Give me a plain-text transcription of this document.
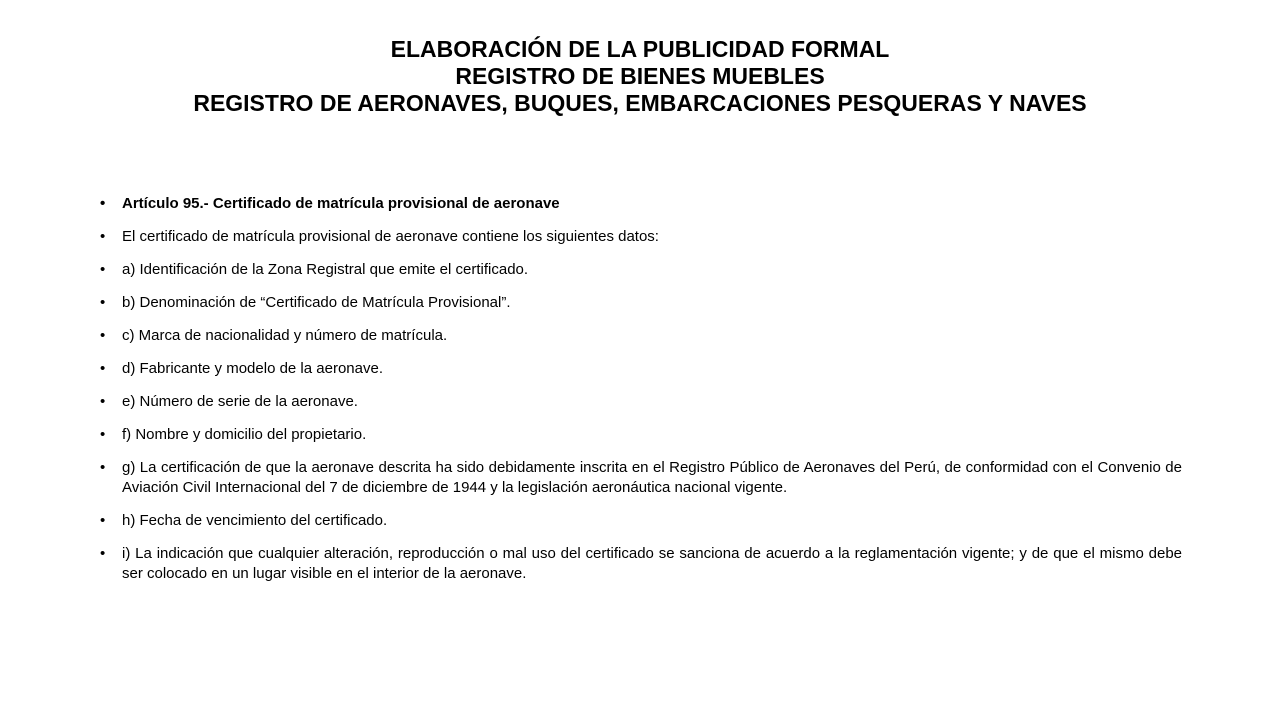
ELABORACIÓN DE LA PUBLICIDAD FORMAL
REGISTRO DE BIENES MUEBLES
REGISTRO DE AERONAVES, BUQUES, EMBARCACIONES PESQUERAS Y NAVES
• Artículo 95.- Certificado de matrícula provisional de aeronave
• El certificado de matrícula provisional de aeronave contiene los siguientes datos:
• a) Identificación de la Zona Registral que emite el certificado.
• b) Denominación de “Certificado de Matrícula Provisional”.
• c) Marca de nacionalidad y número de matrícula.
• d) Fabricante y modelo de la aeronave.
• e) Número de serie de la aeronave.
• f) Nombre y domicilio del propietario.
• g) La certificación de que la aeronave descrita ha sido debidamente inscrita en el Registro Público de Aeronaves del Perú, de conformidad con el Convenio de Aviación Civil Internacional del 7 de diciembre de 1944 y la legislación aeronáutica nacional vigente.
• h) Fecha de vencimiento del certificado.
• i) La indicación que cualquier alteración, reproducción o mal uso del certificado se sanciona de acuerdo a la reglamentación vigente; y de que el mismo debe ser colocado en un lugar visible en el interior de la aeronave.
